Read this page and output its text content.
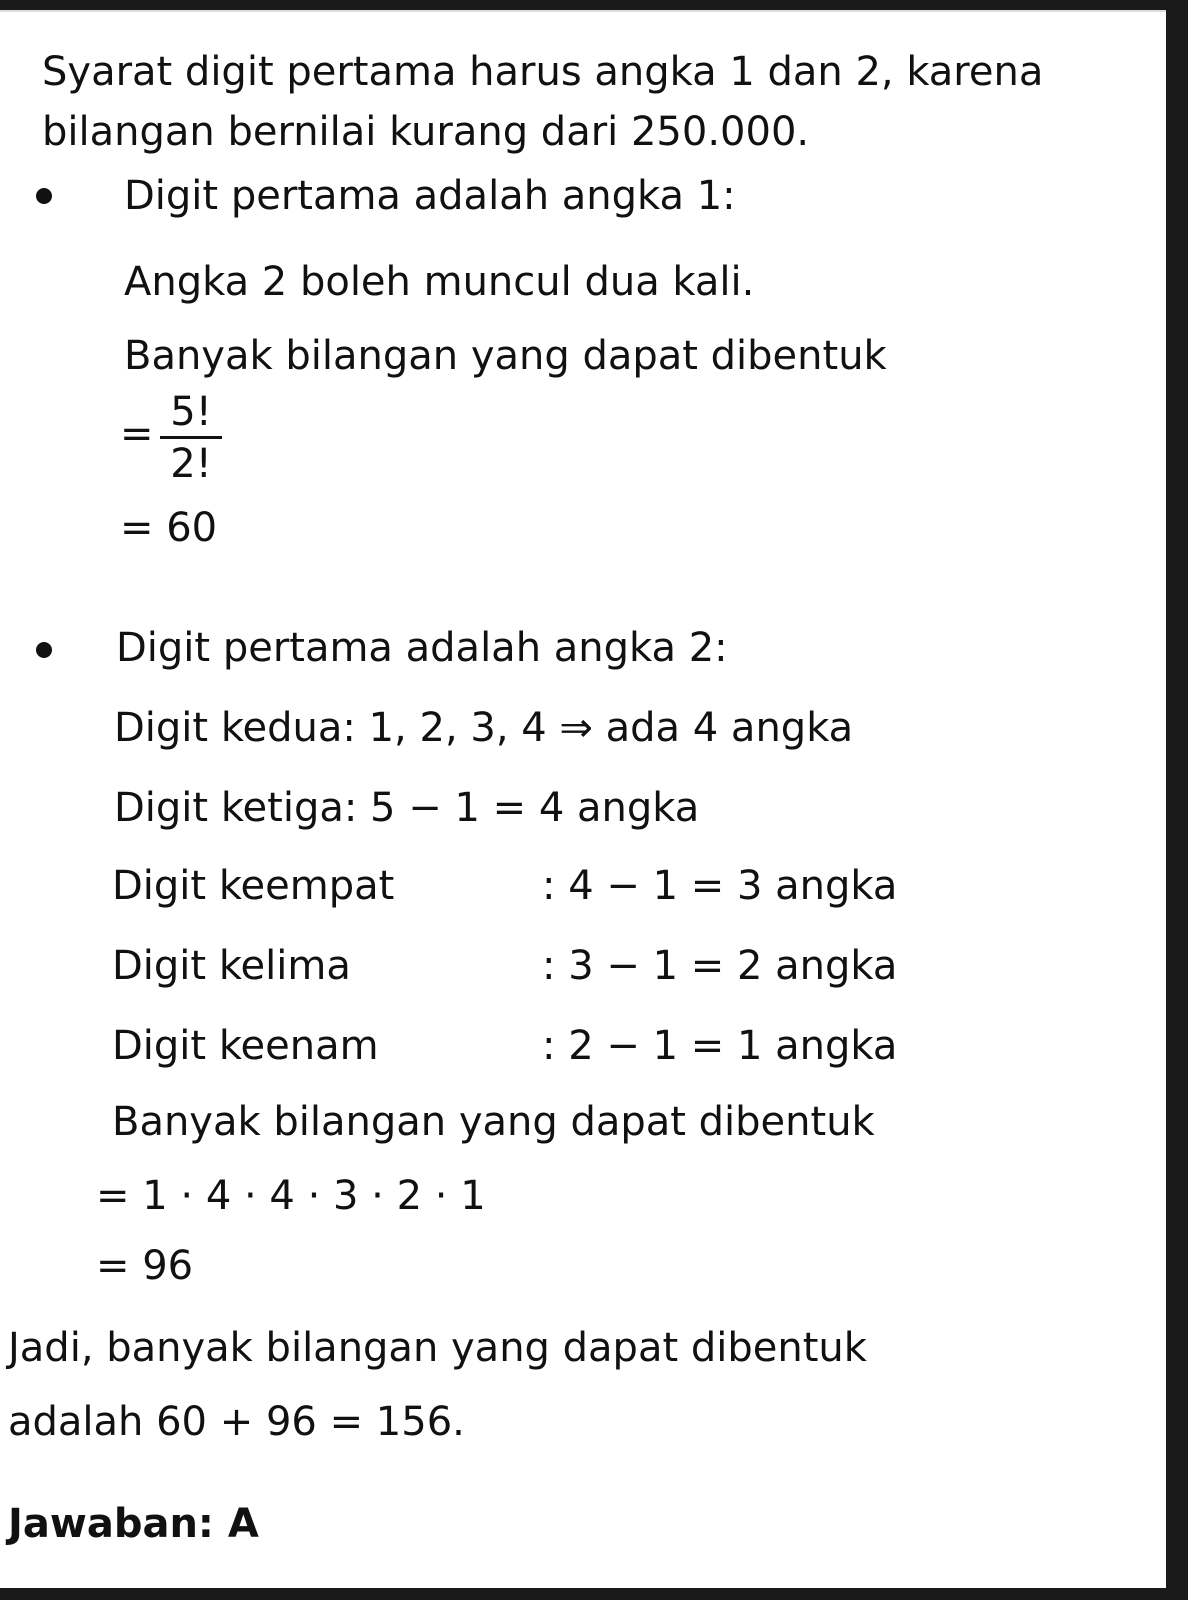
Syarat digit pertama harus angka 1 dan 2, karena
bilangan bernilai kurang dari 250.000.
Digit pertama adalah angka 1:
Angka 2 boleh muncul dua kali.
Banyak bilangan yang dapat dibentuk
= 5!
2!
= 60
Digit pertama adalah angka 2:
Digit kedua: 1, 2, 3, 4 ⇒ ada 4 angka
Digit ketiga: 5 − 1 = 4 angka
Digit keempat	: 4 − 1 = 3 angka
Digit kelima	: 3 − 1 = 2 angka
Digit keenam	: 2 − 1 = 1 angka
Banyak bilangan yang dapat dibentuk
= 1 · 4 · 4 · 3 · 2 · 1
= 96
Jadi, banyak bilangan yang dapat dibentuk
adalah 60 + 96 = 156.
Jawaban: A
